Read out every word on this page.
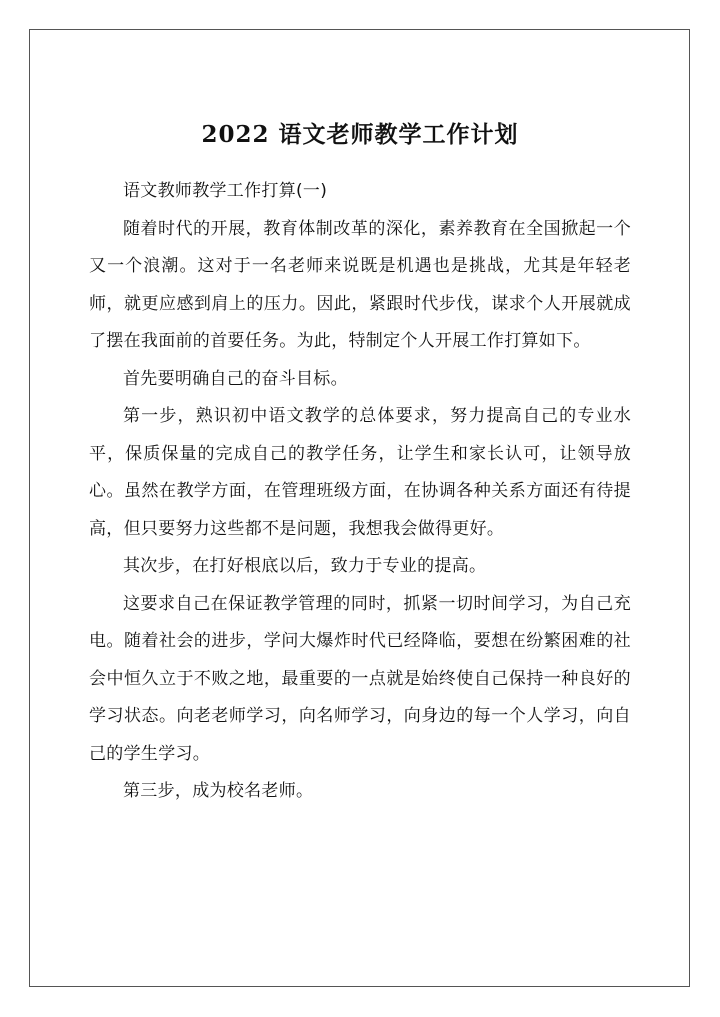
2022 语文老师教学工作计划

语文教师教学工作打算(一)

随着时代的开展，教育体制改革的深化，素养教育在全国掀起一个又一个浪潮。这对于一名老师来说既是机遇也是挑战，尤其是年轻老师，就更应感到肩上的压力。因此，紧跟时代步伐，谋求个人开展就成了摆在我面前的首要任务。为此，特制定个人开展工作打算如下。

首先要明确自己的奋斗目标。

第一步，熟识初中语文教学的总体要求，努力提高自己的专业水平，保质保量的完成自己的教学任务，让学生和家长认可，让领导放心。虽然在教学方面，在管理班级方面，在协调各种关系方面还有待提高，但只要努力这些都不是问题，我想我会做得更好。

其次步，在打好根底以后，致力于专业的提高。

这要求自己在保证教学管理的同时，抓紧一切时间学习，为自己充电。随着社会的进步，学问大爆炸时代已经降临，要想在纷繁困难的社会中恒久立于不败之地，最重要的一点就是始终使自己保持一种良好的学习状态。向老老师学习，向名师学习，向身边的每一个人学习，向自己的学生学习。

第三步，成为校名老师。
